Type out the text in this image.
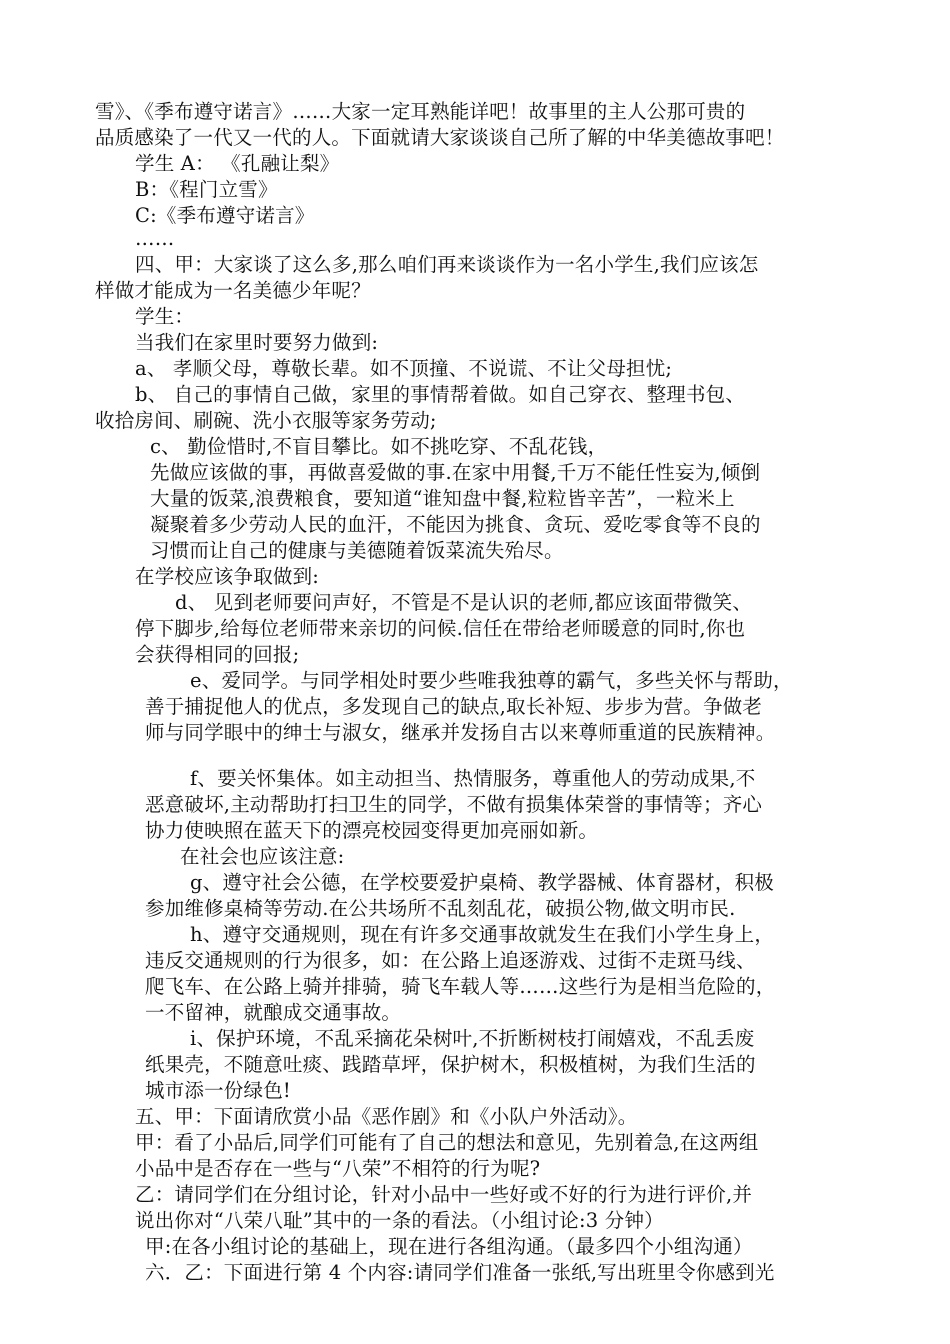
雪》、《季布遵守诺言》……大家一定耳熟能详吧！故事里的主人公那可贵的
品质感染了一代又一代的人。下面就请大家谈谈自己所了解的中华美德故事吧！
学生 A： 《孔融让梨》
B：《程门立雪》
C:《季布遵守诺言》
……
四、甲：大家谈了这么多,那么咱们再来谈谈作为一名小学生,我们应该怎
样做才能成为一名美德少年呢？
学生：
当我们在家里时要努力做到:
a、 孝顺父母，尊敬长辈。如不顶撞、不说谎、不让父母担忧;
b、 自己的事情自己做，家里的事情帮着做。如自己穿衣、整理书包、
收拾房间、刷碗、洗小衣服等家务劳动;
c、 勤俭惜时,不盲目攀比。如不挑吃穿、不乱花钱，
先做应该做的事，再做喜爱做的事.在家中用餐,千万不能任性妄为,倾倒
大量的饭菜,浪费粮食，要知道“谁知盘中餐,粒粒皆辛苦”，一粒米上
凝聚着多少劳动人民的血汗，不能因为挑食、贪玩、爱吃零食等不良的
习惯而让自己的健康与美德随着饭菜流失殆尽。
在学校应该争取做到:
d、 见到老师要问声好，不管是不是认识的老师,都应该面带微笑、
停下脚步,给每位老师带来亲切的问候.信任在带给老师暖意的同时,你也
会获得相同的回报;
e、爱同学。与同学相处时要少些唯我独尊的霸气，多些关怀与帮助，
善于捕捉他人的优点，多发现自己的缺点,取长补短、步步为营。争做老
师与同学眼中的绅士与淑女，继承并发扬自古以来尊师重道的民族精神。
f、要关怀集体。如主动担当、热情服务，尊重他人的劳动成果,不
恶意破坏,主动帮助打扫卫生的同学，不做有损集体荣誉的事情等；齐心
协力使映照在蓝天下的漂亮校园变得更加亮丽如新。
在社会也应该注意:
g、遵守社会公德，在学校要爱护桌椅、教学器械、体育器材，积极
参加维修桌椅等劳动.在公共场所不乱刻乱花，破损公物,做文明市民.
h、遵守交通规则，现在有许多交通事故就发生在我们小学生身上，
违反交通规则的行为很多，如：在公路上追逐游戏、过街不走斑马线、
爬飞车、在公路上骑并排骑，骑飞车载人等……这些行为是相当危险的，
一不留神，就酿成交通事故。
i、保护环境，不乱采摘花朵树叶,不折断树枝打闹嬉戏，不乱丢废
纸果壳，不随意吐痰、践踏草坪，保护树木，积极植树，为我们生活的
城市添一份绿色!
五、甲：下面请欣赏小品《恶作剧》和《小队户外活动》。
甲：看了小品后,同学们可能有了自己的想法和意见，先别着急,在这两组
小品中是否存在一些与“八荣”不相符的行为呢?
乙：请同学们在分组讨论，针对小品中一些好或不好的行为进行评价,并
说出你对“八荣八耻”其中的一条的看法。（小组讨论:3 分钟）
甲:在各小组讨论的基础上，现在进行各组沟通。（最多四个小组沟通）
六．乙：下面进行第 4 个内容:请同学们准备一张纸,写出班里令你感到光
